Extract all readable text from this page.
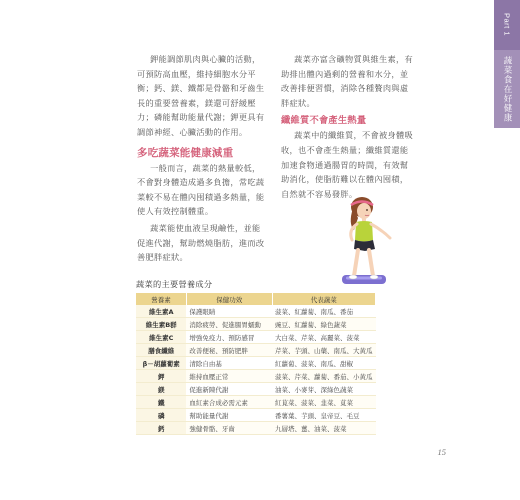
Part 1
蔬菜食在好健康

鉀能調節肌肉與心臟的活動，可預防高血壓，維持細胞水分平衡；鈣、鎂、鐵都是骨骼和牙齒生長的重要營養素，鎂還可舒緩壓力；磷能幫助能量代謝；鉀更具有調節神經、心臟活動的作用。

多吃蔬菜能健康減重

一般而言，蔬菜的熱量較低，不會對身體造成過多負擔，常吃蔬菜較不易在體內囤積過多熱量，能使人有效控制體重。

蔬菜能使血液呈現鹼性，並能促進代謝，幫助燃燒脂肪，進而改善肥胖症狀。

蔬菜亦富含礦物質與維生素，有助排出體內過剩的營養和水分，並改善排便習慣，消除各種贅肉與虛胖症狀。

纖維質不會產生熱量

蔬菜中的纖維質，不會被身體吸收，也不會產生熱量；纖維質還能加速食物通過腸胃的時間，有效幫助消化，使脂肪難以在體內囤積，自然就不容易發胖。

蔬菜的主要營養成分
營養素	保健功效	代表蔬菜
維生素A	保護眼睛	菠菜、紅蘿蔔、南瓜、番茄
維生素B群	消除疲勞、促進腸胃蠕動	豌豆、紅蘿蔔、綠色蔬菜
維生素C	增強免疫力、預防感冒	大白菜、芹菜、高麗菜、菠菜
膳食纖維	改善便秘、預防肥胖	芹菜、芋頭、山藥、南瓜、大黃瓜
β－胡蘿蔔素	清除自由基	紅蘿蔔、菠菜、南瓜、甜椒
鉀	維持血壓正常	菠菜、芹菜、蘿蔔、番茄、小黃瓜
鎂	促進新陳代謝	油菜、小麥芽、深綠色蔬菜
鐵	血紅素合成必需元素	紅莧菜、菠菜、韭菜、莧菜
磷	幫助能量代謝	番薯葉、芋頭、皇帝豆、毛豆
鈣	強健骨骼、牙齒	九層塔、薑、油菜、菠菜
15
